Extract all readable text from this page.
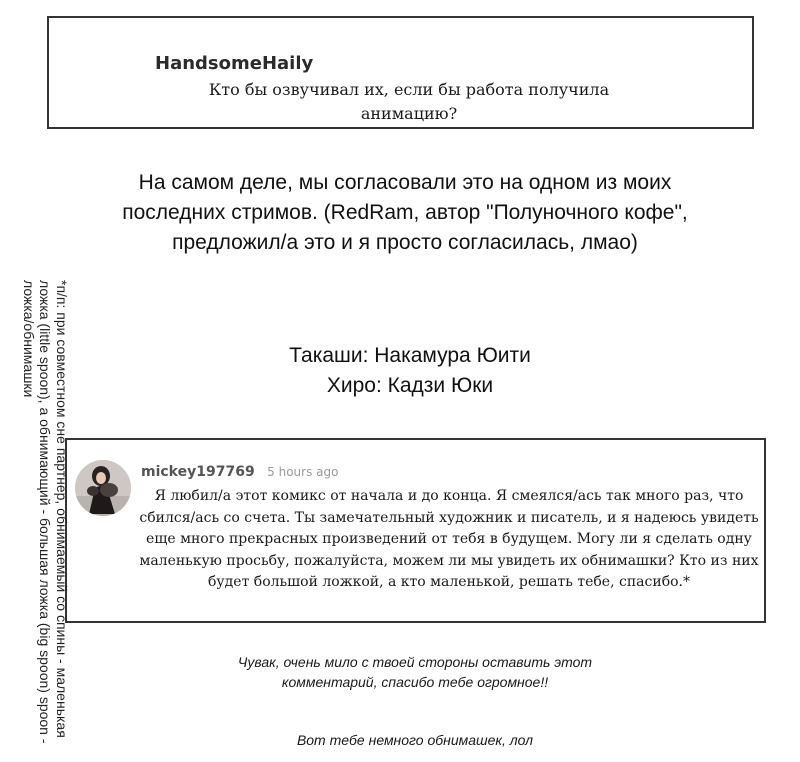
HandsomeHaily
Кто бы озвучивал их, если бы работа получила анимацию?
На самом деле, мы согласовали это на одном из моих последних стримов. (RedRam, автор "Полуночного кофе", предложил/а это и я просто согласилась, лмао)
Такаши: Накамура Юити
Хиро: Кадзи Юки
mickey197769 5 hours ago
Я любил/а этот комикс от начала и до конца. Я смеялся/ась так много раз, что сбился/ась со счета. Ты замечательный художник и писатель, и я надеюсь увидеть еще много прекрасных произведений от тебя в будущем. Могу ли я сделать одну маленькую просьбу, пожалуйста, можем ли мы увидеть их обнимашки? Кто из них будет большой ложкой, а кто маленькой, решать тебе, спасибо.*
Чувак, очень мило с твоей стороны оставить этот комментарий, спасибо тебе огромное!!
Вот тебе немного обнимашек, лол
*п/п: при совместном сне партнёр, обнимаемый со спины - маленькая ложка (little spoon), а обнимающий - большая ложка (big spoon) spoon - ложка/обнимашки
